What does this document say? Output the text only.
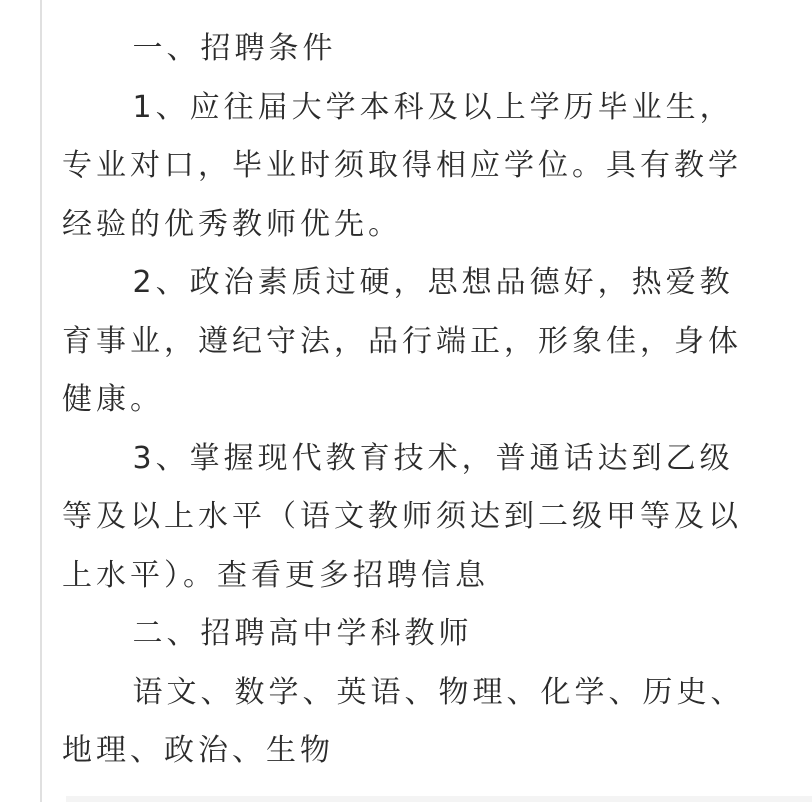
一、招聘条件

1、应往届大学本科及以上学历毕业生，专业对口，毕业时须取得相应学位。具有教学经验的优秀教师优先。

2、政治素质过硬，思想品德好，热爱教育事业，遵纪守法，品行端正，形象佳，身体健康。

3、掌握现代教育技术，普通话达到乙级等及以上水平（语文教师须达到二级甲等及以上水平）。查看更多招聘信息

二、招聘高中学科教师

语文、数学、英语、物理、化学、历史、地理、政治、生物
